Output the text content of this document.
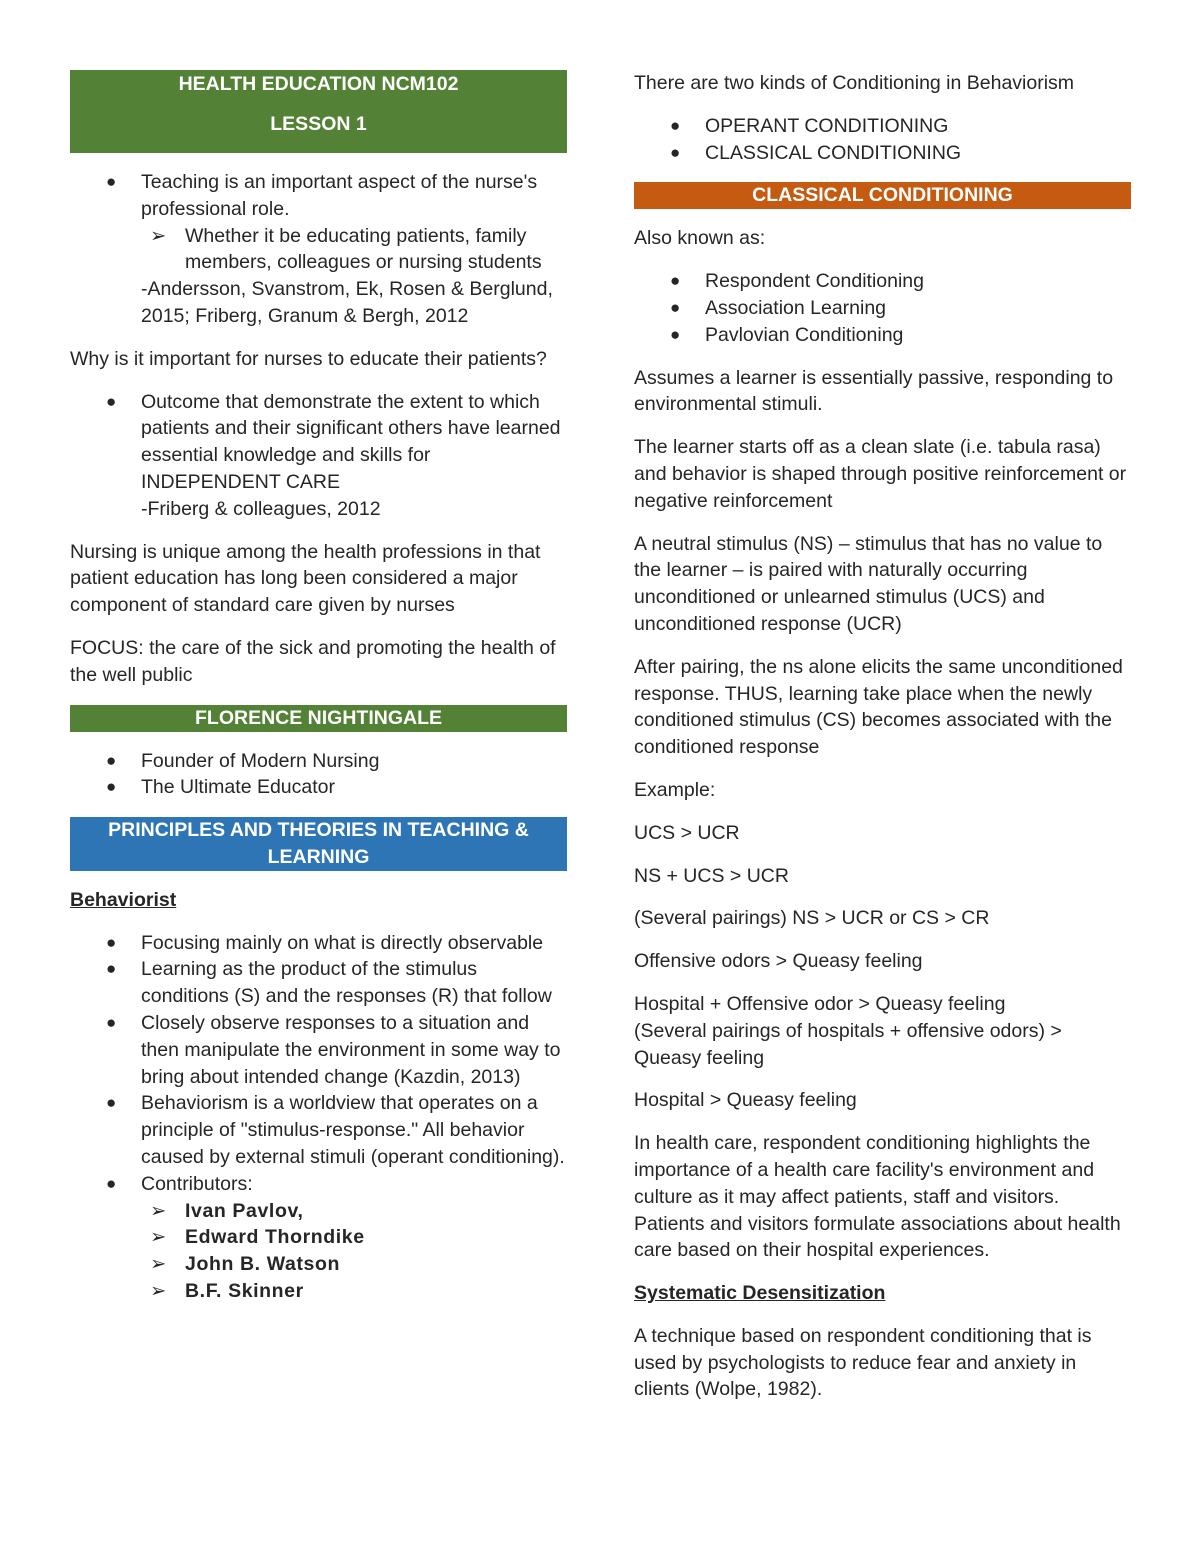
HEALTH EDUCATION NCM102
LESSON 1
● Teaching is an important aspect of the nurse's professional role.
➢ Whether it be educating patients, family members, colleagues or nursing students
-Andersson, Svanstrom, Ek, Rosen & Berglund, 2015; Friberg, Granum & Bergh, 2012

Why is it important for nurses to educate their patients?

● Outcome that demonstrate the extent to which patients and their significant others have learned essential knowledge and skills for INDEPENDENT CARE
-Friberg & colleagues, 2012

Nursing is unique among the health professions in that patient education has long been considered a major component of standard care given by nurses

FOCUS: the care of the sick and promoting the health of the well public

FLORENCE NIGHTINGALE
● Founder of Modern Nursing
● The Ultimate Educator
PRINCIPLES AND THEORIES IN TEACHING &
LEARNING

Behaviorist

● Focusing mainly on what is directly observable
● Learning as the product of the stimulus conditions (S) and the responses (R) that follow
● Closely observe responses to a situation and then manipulate the environment in some way to bring about intended change (Kazdin, 2013)
● Behaviorism is a worldview that operates on a principle of "stimulus-response." All behavior caused by external stimuli (operant conditioning).
● Contributors:
➢ Ivan Pavlov,
➢ Edward Thorndike
➢ John B. Watson
➢ B.F. Skinner

There are two kinds of Conditioning in Behaviorism

● OPERANT CONDITIONING
● CLASSICAL CONDITIONING
CLASSICAL CONDITIONING

Also known as:

● Respondent Conditioning
● Association Learning
● Pavlovian Conditioning

Assumes a learner is essentially passive, responding to environmental stimuli.

The learner starts off as a clean slate (i.e. tabula rasa) and behavior is shaped through positive reinforcement or negative reinforcement

A neutral stimulus (NS) – stimulus that has no value to the learner – is paired with naturally occurring unconditioned or unlearned stimulus (UCS) and unconditioned response (UCR)

After pairing, the ns alone elicits the same unconditioned response. THUS, learning take place when the newly conditioned stimulus (CS) becomes associated with the conditioned response

Example:

UCS > UCR

NS + UCS > UCR

(Several pairings) NS > UCR or CS > CR

Offensive odors > Queasy feeling

Hospital + Offensive odor > Queasy feeling

(Several pairings of hospitals + offensive odors) > Queasy feeling

Hospital > Queasy feeling

In health care, respondent conditioning highlights the importance of a health care facility's environment and culture as it may affect patients, staff and visitors. Patients and visitors formulate associations about health care based on their hospital experiences.

Systematic Desensitization

A technique based on respondent conditioning that is used by psychologists to reduce fear and anxiety in clients (Wolpe, 1982).
